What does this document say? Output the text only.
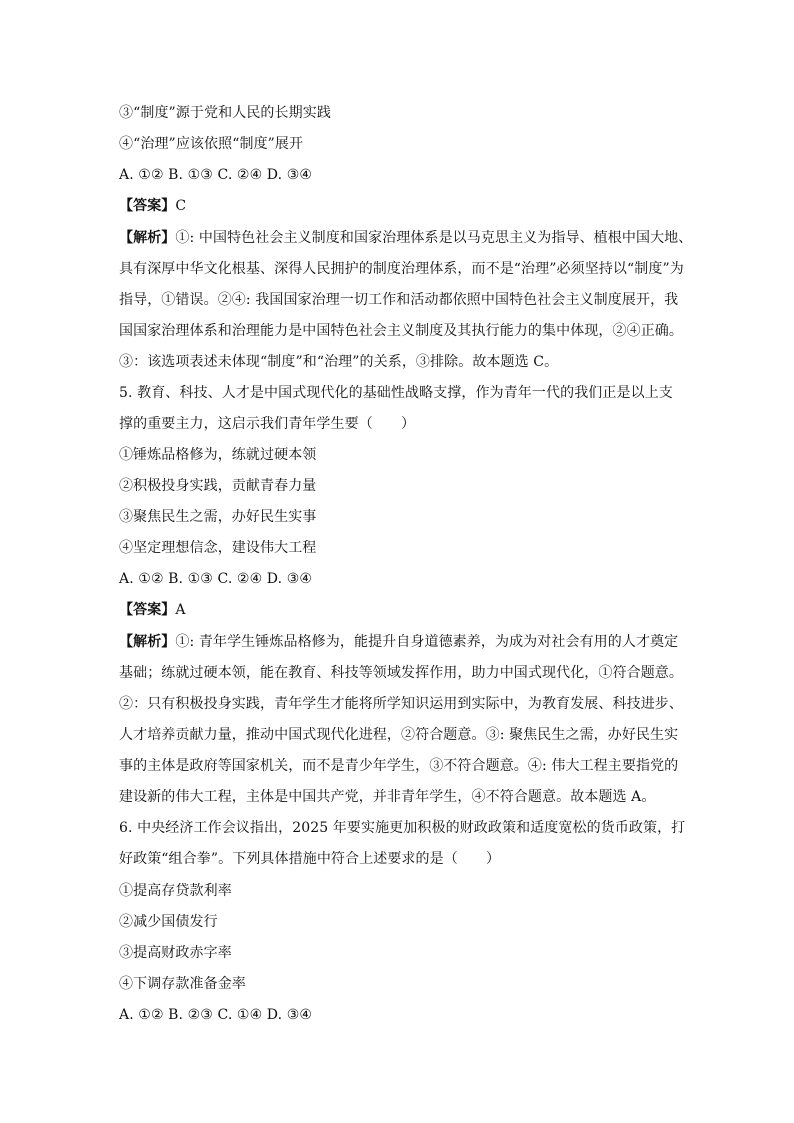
③“制度”源于党和人民的长期实践
④“治理”应该依照“制度”展开
A. ①② B. ①③ C. ②④ D. ③④
【答案】C
【解析】①: 中国特色社会主义制度和国家治理体系是以马克思主义为指导、植根中国大地、
具有深厚中华文化根基、深得人民拥护的制度治理体系，而不是“治理”必须坚持以“制度”为
指导，①错误。②④: 我国国家治理一切工作和活动都依照中国特色社会主义制度展开，我
国国家治理体系和治理能力是中国特色社会主义制度及其执行能力的集中体现，②④正确。
③：该选项表述未体现“制度”和“治理”的关系，③排除。故本题选 C。
5. 教育、科技、人才是中国式现代化的基础性战略支撑，作为青年一代的我们正是以上支
撑的重要主力，这启示我们青年学生要（　　）
①锤炼品格修为，练就过硬本领
②积极投身实践，贡献青春力量
③聚焦民生之需，办好民生实事
④坚定理想信念，建设伟大工程
A. ①② B. ①③ C. ②④ D. ③④
【答案】A
【解析】①: 青年学生锤炼品格修为，能提升自身道德素养，为成为对社会有用的人才奠定
基础；练就过硬本领，能在教育、科技等领域发挥作用，助力中国式现代化，①符合题意。
②：只有积极投身实践，青年学生才能将所学知识运用到实际中，为教育发展、科技进步、
人才培养贡献力量，推动中国式现代化进程，②符合题意。③: 聚焦民生之需，办好民生实
事的主体是政府等国家机关，而不是青少年学生，③不符合题意。④: 伟大工程主要指党的
建设新的伟大工程，主体是中国共产党，并非青年学生，④不符合题意。故本题选 A。
6. 中央经济工作会议指出，2025 年要实施更加积极的财政政策和适度宽松的货币政策，打
好政策“组合拳”。下列具体措施中符合上述要求的是（　　）
①提高存贷款利率
②减少国债发行
③提高财政赤字率
④下调存款准备金率
A. ①② B. ②③ C. ①④ D. ③④
